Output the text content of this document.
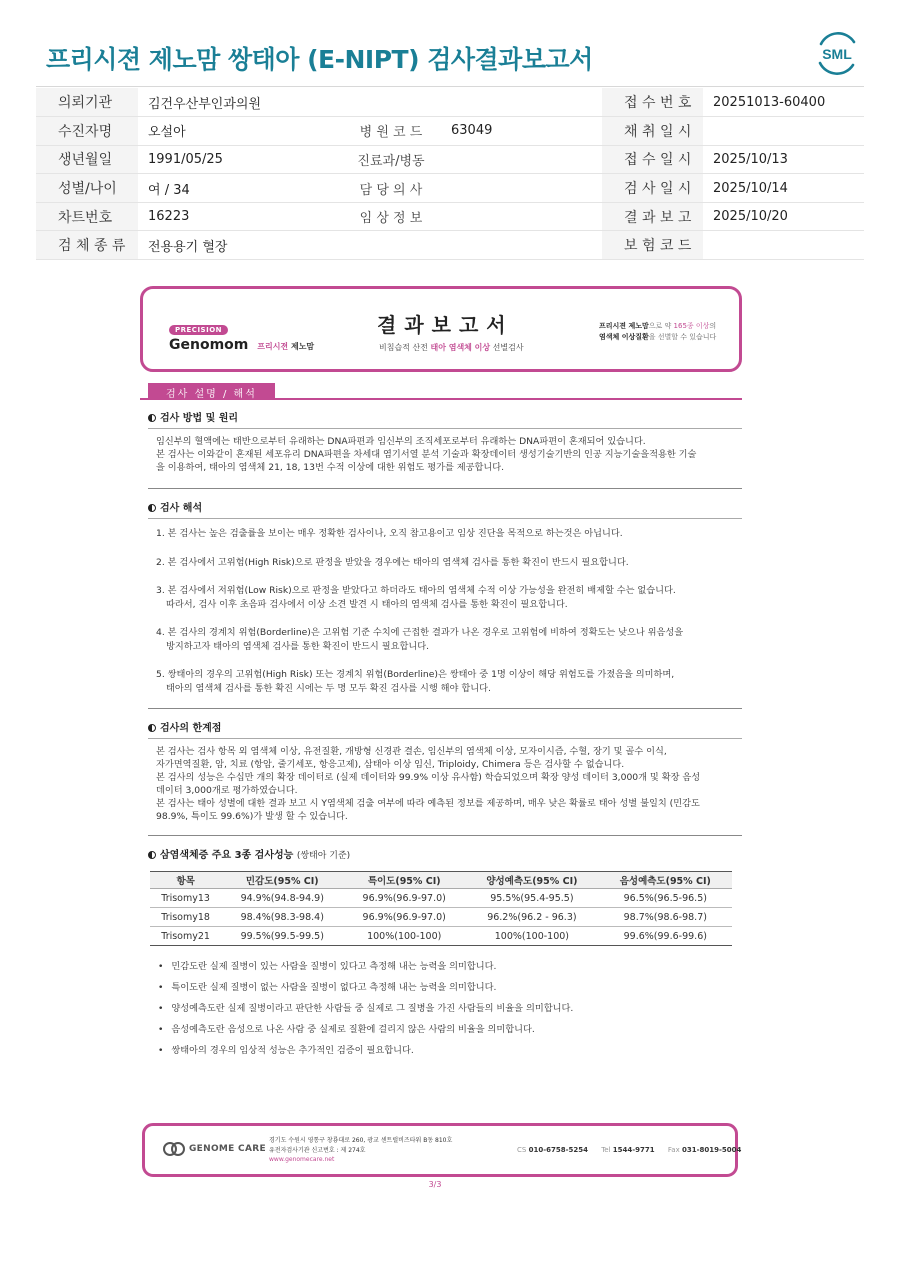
프리시젼 제노맘 쌍태아 (E-NIPT) 검사결과보고서	SML
의뢰기관	김건우산부인과의원			접 수 번 호	20251013-60400
수진자명	오설아	병 원 코 드	63049	채 취 일 시	
생년월일	1991/05/25	진료과/병동		접 수 일 시	2025/10/13
성별/나이	여 / 34	담 당 의 사		검 사 일 시	2025/10/14
차트번호	16223	임 상 정 보		결 과 보 고	2025/10/20
검 체 종 류	전용용기 혈장			보 험 코 드	
PRECISION
Genomom 프리시젼 제노맘
결과보고서
비침습적 산전 태아 염색체 이상 선별검사
프리시젼 제노맘으로 약 165종 이상의
염색체 이상질환을 선별할 수 있습니다
검사 설명 / 해석
검사 방법 및 원리
임신부의 혈액에는 태반으로부터 유래하는 DNA파편과 임신부의 조직세포로부터 유래하는 DNA파편이 혼재되어 있습니다.
본 검사는 이와같이 혼재된 세포유리 DNA파편을 차세대 염기서열 분석 기술과 확장데이터 생성기술기반의 인공 지능기술을적용한 기술
을 이용하여, 태아의 염색체 21, 18, 13번 수적 이상에 대한 위험도 평가를 제공합니다.
검사 해석
1. 본 검사는 높은 검출률을 보이는 매우 정확한 검사이나, 오직 참고용이고 임상 진단을 목적으로 하는것은 아닙니다.
2. 본 검사에서 고위험(High Risk)으로 판정을 받았을 경우에는 태아의 염색체 검사를 통한 확진이 반드시 필요합니다.
3. 본 검사에서 저위험(Low Risk)으로 판정을 받았다고 하더라도 태아의 염색체 수적 이상 가능성을 완전히 배제할 수는 없습니다.
따라서, 검사 이후 초음파 검사에서 이상 소견 발견 시 태아의 염색체 검사를 통한 확진이 필요합니다.
4. 본 검사의 경계치 위험(Borderline)은 고위험 기준 수치에 근접한 결과가 나온 경우로 고위험에 비하여 정확도는 낮으나 위음성을
방지하고자 태아의 염색체 검사를 통한 확진이 반드시 필요합니다.
5. 쌍태아의 경우의 고위험(High Risk) 또는 경계치 위험(Borderline)은 쌍태아 중 1명 이상이 해당 위험도를 가졌음을 의미하며,
태아의 염색체 검사를 통한 확진 시에는 두 명 모두 확진 검사를 시행 해야 합니다.
검사의 한계점
본 검사는 검사 항목 외 염색체 이상, 유전질환, 개방형 신경관 결손, 임신부의 염색체 이상, 모자이시즘, 수혈, 장기 및 골수 이식,
자가면역질환, 암, 치료 (항암, 줄기세포, 항응고제), 삼태아 이상 임신, Triploidy, Chimera 등은 검사할 수 없습니다.
본 검사의 성능은 수십만 개의 확장 데이터로 (실제 데이터와 99.9% 이상 유사함) 학습되었으며 확장 양성 데이터 3,000개 및 확장 음성
데이터 3,000개로 평가하였습니다.
본 검사는 태아 성별에 대한 결과 보고 시 Y염색체 검출 여부에 따라 예측된 정보를 제공하며, 매우 낮은 확률로 태아 성별 불일치 (민감도
98.9%, 특이도 99.6%)가 발생 할 수 있습니다.
삼염색체증 주요 3종 검사성능 (쌍태아 기준)
항목	민감도(95% CI)	특이도(95% CI)	양성예측도(95% CI)	음성예측도(95% CI)
Trisomy13	94.9%(94.8-94.9)	96.9%(96.9-97.0)	95.5%(95.4-95.5)	96.5%(96.5-96.5)
Trisomy18	98.4%(98.3-98.4)	96.9%(96.9-97.0)	96.2%(96.2 - 96.3)	98.7%(98.6-98.7)
Trisomy21	99.5%(99.5-99.5)	100%(100-100)	100%(100-100)	99.6%(99.6-99.6)
• 민감도란 실제 질병이 있는 사람을 질병이 있다고 측정해 내는 능력을 의미합니다.
• 특이도란 실제 질병이 없는 사람을 질병이 없다고 측정해 내는 능력을 의미합니다.
• 양성예측도란 실제 질병이라고 판단한 사람들 중 실제로 그 질병을 가진 사람들의 비율을 의미합니다.
• 음성예측도란 음성으로 나온 사람 중 실제로 질환에 걸리지 않은 사람의 비율을 의미합니다.
• 쌍태아의 경우의 임상적 성능은 추가적인 검증이 필요합니다.
GENOME CARE
경기도 수원시 영통구 창룡대로 260, 광교 센트럴비즈타워 B동 810호
유전자검사기관 신고번호 : 제 274호
www.genomecare.net
CS 010-6758-5254 Tel 1544-9771 Fax 031-8019-5004
3/3
